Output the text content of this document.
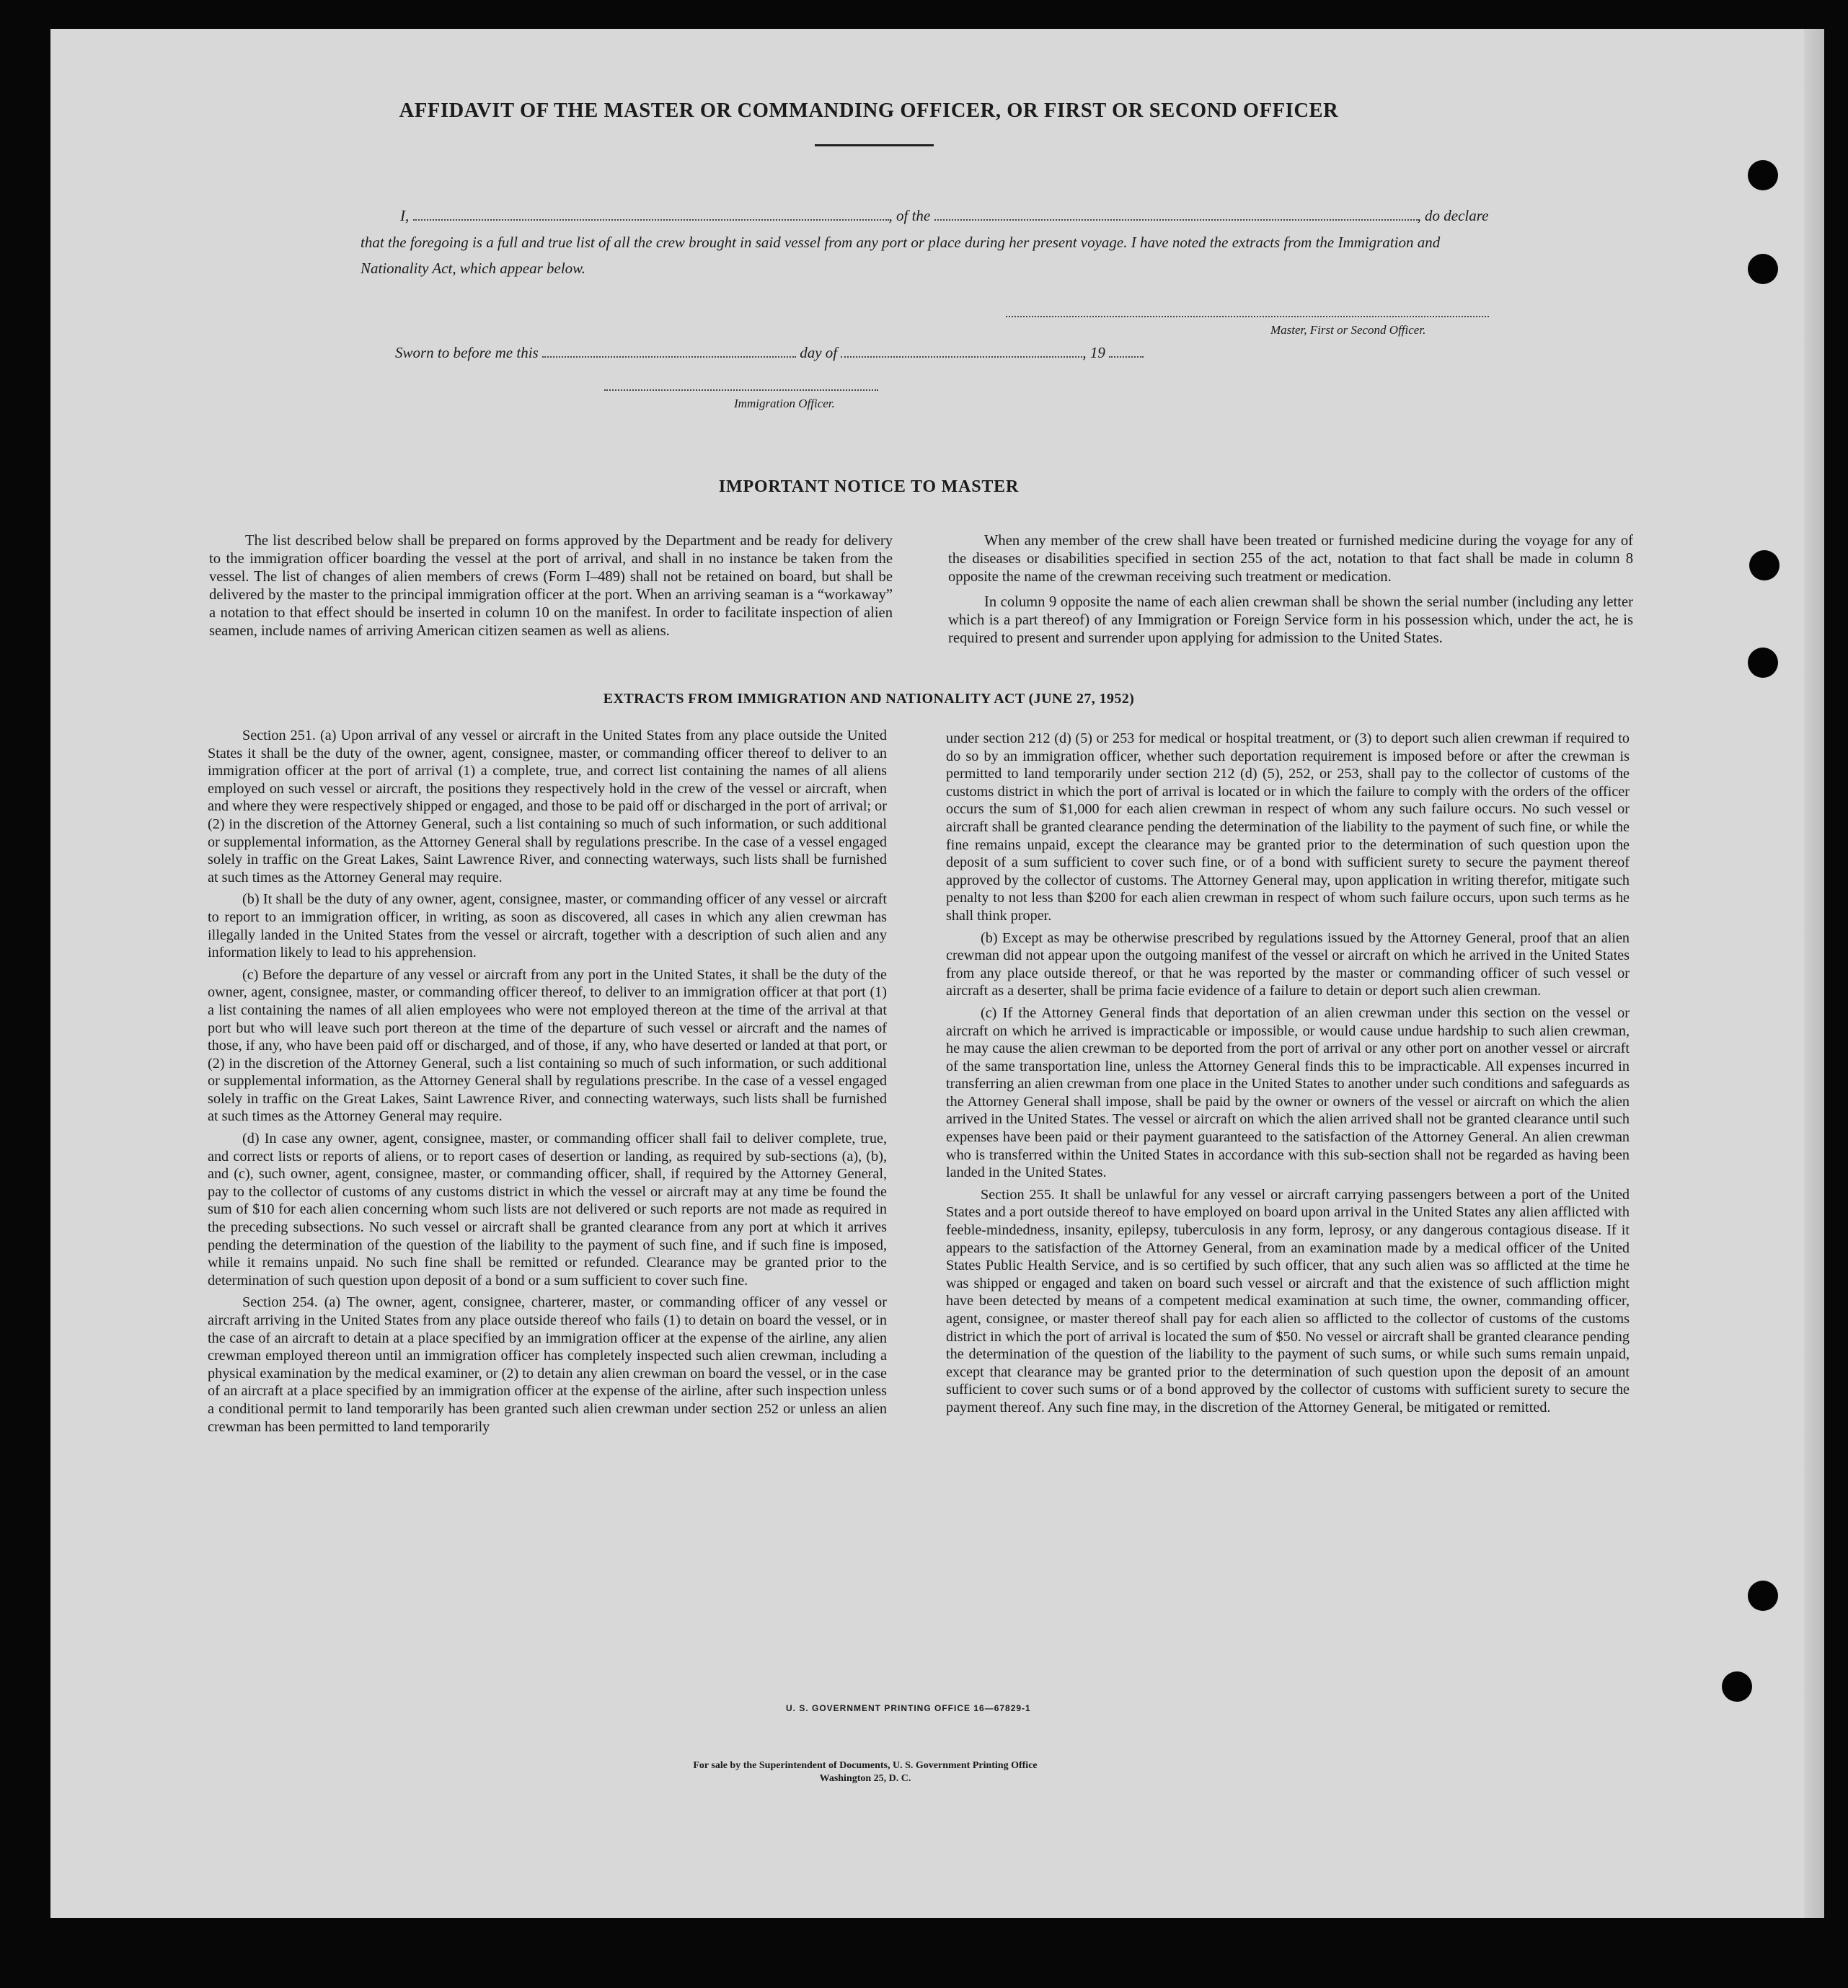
AFFIDAVIT OF THE MASTER OR COMMANDING OFFICER, OR FIRST OR SECOND OFFICER
I,	, of the	, do declare
that the foregoing is a full and true list of all the crew brought in said vessel from any port or place during her present voyage. I have noted the extracts from the Immigration and Nationality Act, which appear below.
Master, First or Second Officer.
Sworn to before me this	day of	, 19
Immigration Officer.
IMPORTANT NOTICE TO MASTER
The list described below shall be prepared on forms approved by the Department and be ready for delivery to the immigration officer boarding the vessel at the port of arrival, and shall in no instance be taken from the vessel. The list of changes of alien members of crews (Form I–489) shall not be retained on board, but shall be delivered by the master to the principal immigration officer at the port. When an arriving seaman is a “workaway” a notation to that effect should be inserted in column 10 on the manifest. In order to facilitate inspection of alien seamen, include names of arriving American citizen seamen as well as aliens.

When any member of the crew shall have been treated or furnished medicine during the voyage for any of the diseases or disabilities specified in section 255 of the act, notation to that fact shall be made in column 8 opposite the name of the crewman receiving such treatment or medication.

In column 9 opposite the name of each alien crewman shall be shown the serial number (including any letter which is a part thereof) of any Immigration or Foreign Service form in his possession which, under the act, he is required to present and surrender upon applying for admission to the United States.

EXTRACTS FROM IMMIGRATION AND NATIONALITY ACT (JUNE 27, 1952)

Section 251. (a) Upon arrival of any vessel or aircraft in the United States from any place outside the United States it shall be the duty of the owner, agent, consignee, master, or commanding officer thereof to deliver to an immigration officer at the port of arrival (1) a complete, true, and correct list containing the names of all aliens employed on such vessel or aircraft, the positions they respectively hold in the crew of the vessel or aircraft, when and where they were respectively shipped or engaged, and those to be paid off or discharged in the port of arrival; or (2) in the discretion of the Attorney General, such a list containing so much of such information, or such additional or supplemental information, as the Attorney General shall by regulations prescribe. In the case of a vessel engaged solely in traffic on the Great Lakes, Saint Lawrence River, and connecting waterways, such lists shall be furnished at such times as the Attorney General may require.

(b) It shall be the duty of any owner, agent, consignee, master, or commanding officer of any vessel or aircraft to report to an immigration officer, in writing, as soon as discovered, all cases in which any alien crewman has illegally landed in the United States from the vessel or aircraft, together with a description of such alien and any information likely to lead to his apprehension.

(c) Before the departure of any vessel or aircraft from any port in the United States, it shall be the duty of the owner, agent, consignee, master, or commanding officer thereof, to deliver to an immigration officer at that port (1) a list containing the names of all alien employees who were not employed thereon at the time of the arrival at that port but who will leave such port thereon at the time of the departure of such vessel or aircraft and the names of those, if any, who have been paid off or discharged, and of those, if any, who have deserted or landed at that port, or (2) in the discretion of the Attorney General, such a list containing so much of such information, or such additional or supplemental information, as the Attorney General shall by regulations prescribe. In the case of a vessel engaged solely in traffic on the Great Lakes, Saint Lawrence River, and connecting waterways, such lists shall be furnished at such times as the Attorney General may require.

(d) In case any owner, agent, consignee, master, or commanding officer shall fail to deliver complete, true, and correct lists or reports of aliens, or to report cases of desertion or landing, as required by sub-sections (a), (b), and (c), such owner, agent, consignee, master, or commanding officer, shall, if required by the Attorney General, pay to the collector of customs of any customs district in which the vessel or aircraft may at any time be found the sum of $10 for each alien concerning whom such lists are not delivered or such reports are not made as required in the preceding subsections. No such vessel or aircraft shall be granted clearance from any port at which it arrives pending the determination of the question of the liability to the payment of such fine, and if such fine is imposed, while it remains unpaid. No such fine shall be remitted or refunded. Clearance may be granted prior to the determination of such question upon deposit of a bond or a sum sufficient to cover such fine.

Section 254. (a) The owner, agent, consignee, charterer, master, or commanding officer of any vessel or aircraft arriving in the United States from any place outside thereof who fails (1) to detain on board the vessel, or in the case of an aircraft to detain at a place specified by an immigration officer at the expense of the airline, any alien crewman employed thereon until an immigration officer has completely inspected such alien crewman, including a physical examination by the medical examiner, or (2) to detain any alien crewman on board the vessel, or in the case of an aircraft at a place specified by an immigration officer at the expense of the airline, after such inspection unless a conditional permit to land temporarily has been granted such alien crewman under section 252 or unless an alien crewman has been permitted to land temporarily

under section 212 (d) (5) or 253 for medical or hospital treatment, or (3) to deport such alien crewman if required to do so by an immigration officer, whether such deportation requirement is imposed before or after the crewman is permitted to land temporarily under section 212 (d) (5), 252, or 253, shall pay to the collector of customs of the customs district in which the port of arrival is located or in which the failure to comply with the orders of the officer occurs the sum of $1,000 for each alien crewman in respect of whom any such failure occurs. No such vessel or aircraft shall be granted clearance pending the determination of the liability to the payment of such fine, or while the fine remains unpaid, except the clearance may be granted prior to the determination of such question upon the deposit of a sum sufficient to cover such fine, or of a bond with sufficient surety to secure the payment thereof approved by the collector of customs. The Attorney General may, upon application in writing therefor, mitigate such penalty to not less than $200 for each alien crewman in respect of whom such failure occurs, upon such terms as he shall think proper.

(b) Except as may be otherwise prescribed by regulations issued by the Attorney General, proof that an alien crewman did not appear upon the outgoing manifest of the vessel or aircraft on which he arrived in the United States from any place outside thereof, or that he was reported by the master or commanding officer of such vessel or aircraft as a deserter, shall be prima facie evidence of a failure to detain or deport such alien crewman.

(c) If the Attorney General finds that deportation of an alien crewman under this section on the vessel or aircraft on which he arrived is impracticable or impossible, or would cause undue hardship to such alien crewman, he may cause the alien crewman to be deported from the port of arrival or any other port on another vessel or aircraft of the same transportation line, unless the Attorney General finds this to be impracticable. All expenses incurred in transferring an alien crewman from one place in the United States to another under such conditions and safeguards as the Attorney General shall impose, shall be paid by the owner or owners of the vessel or aircraft on which the alien arrived in the United States. The vessel or aircraft on which the alien arrived shall not be granted clearance until such expenses have been paid or their payment guaranteed to the satisfaction of the Attorney General. An alien crewman who is transferred within the United States in accordance with this sub-section shall not be regarded as having been landed in the United States.

Section 255. It shall be unlawful for any vessel or aircraft carrying passengers between a port of the United States and a port outside thereof to have employed on board upon arrival in the United States any alien afflicted with feeble-mindedness, insanity, epilepsy, tuberculosis in any form, leprosy, or any dangerous contagious disease. If it appears to the satisfaction of the Attorney General, from an examination made by a medical officer of the United States Public Health Service, and is so certified by such officer, that any such alien was so afflicted at the time he was shipped or engaged and taken on board such vessel or aircraft and that the existence of such affliction might have been detected by means of a competent medical examination at such time, the owner, commanding officer, agent, consignee, or master thereof shall pay for each alien so afflicted to the collector of customs of the customs district in which the port of arrival is located the sum of $50. No vessel or aircraft shall be granted clearance pending the determination of the question of the liability to the payment of such sums, or while such sums remain unpaid, except that clearance may be granted prior to the determination of such question upon the deposit of an amount sufficient to cover such sums or of a bond approved by the collector of customs with sufficient surety to secure the payment thereof. Any such fine may, in the discretion of the Attorney General, be mitigated or remitted.

U. S. GOVERNMENT PRINTING OFFICE 16—67829-1
For sale by the Superintendent of Documents, U. S. Government Printing Office
Washington 25, D. C.
